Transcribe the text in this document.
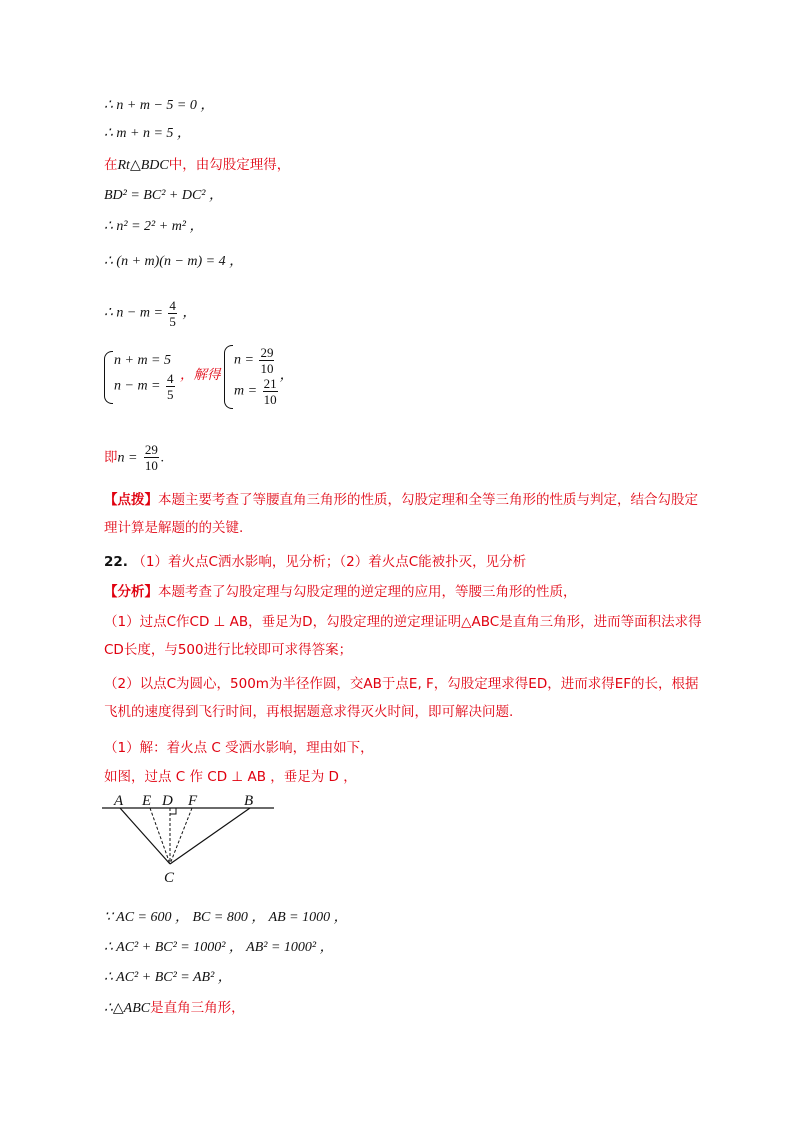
∴ n + m − 5 = 0 ，
∴ m + n = 5 ，
在Rt△BDC中，由勾股定理得，
BD² = BC² + DC² ，
∴ n² = 2² + m² ，
∴ (n + m)(n − m) = 4 ，
∴ $n - m = \frac{4}{5}$ ，
n + m = 5
$n - m = \frac{4}{5}$ ，解得
$n = \frac{29}{10}$
$m = \frac{21}{10}$
，
即$n = \frac{29}{10}$ .
【点拨】本题主要考查了等腰直角三角形的性质，勾股定理和全等三角形的性质与判定，结合勾股定理计算是解题的的关键.
22. （1）着火点C洒水影响，见分析；（2）着火点C能被扑灭，见分析
【分析】本题考查了勾股定理与勾股定理的逆定理的应用，等腰三角形的性质，
（1）过点C作CD ⊥ AB，垂足为D，勾股定理的逆定理证明△ABC是直角三角形，进而等面积法求得CD长度，与500进行比较即可求得答案；
（2）以点C为圆心，500m为半径作圆，交AB于点E, F，勾股定理求得ED，进而求得EF的长，根据飞机的速度得到飞行时间，再根据题意求得灭火时间，即可解决问题.
（1）解：着火点 C 受洒水影响，理由如下，
如图，过点 C 作 CD ⊥ AB ，垂足为 D ，
A E D F	B
C
∵ AC = 600 ， BC = 800 ， AB = 1000 ，
∴ AC² + BC² = 1000² ， AB² = 1000² ，
∴ AC² + BC² = AB² ，
∴△ABC是直角三角形，
